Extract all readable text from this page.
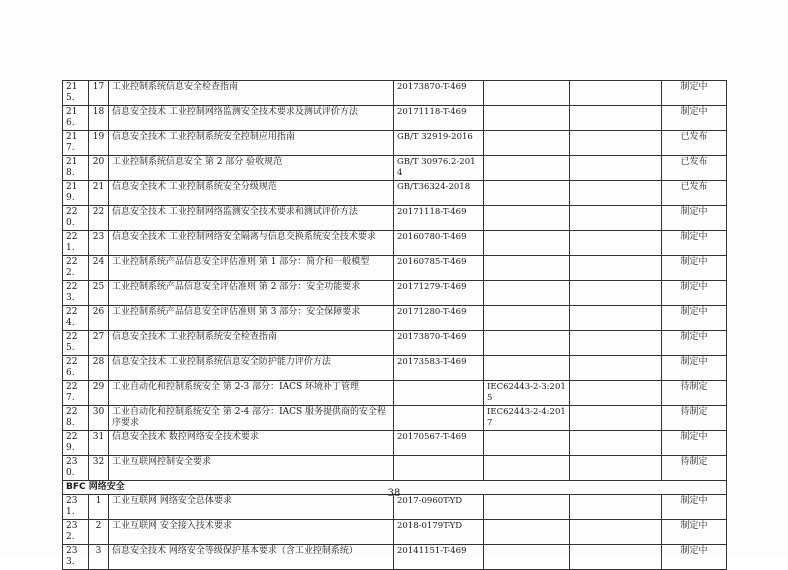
215.	17	工业控制系统信息安全检查指南	20173870-T-469			制定中
216.	18	信息安全技术 工业控制网络监测安全技术要求及测试评价方法	20171118-T-469			制定中
217.	19	信息安全技术 工业控制系统安全控制应用指南	GB/T 32919-2016			已发布
218.	20	工业控制系统信息安全 第 2 部分 验收规范	GB/T 30976.2-2014			已发布
219.	21	信息安全技术 工业控制系统安全分级规范	GB/T36324-2018			已发布
220.	22	信息安全技术 工业控制网络监测安全技术要求和测试评价方法	20171118-T-469			制定中
221.	23	信息安全技术 工业控制网络安全隔离与信息交换系统安全技术要求	20160780-T-469			制定中
222.	24	工业控制系统产品信息安全评估准则 第 1 部分：简介和一般模型	20160785-T-469			制定中
223.	25	工业控制系统产品信息安全评估准则 第 2 部分：安全功能要求	20171279-T-469			制定中
224.	26	工业控制系统产品信息安全评估准则 第 3 部分：安全保障要求	20171280-T-469			制定中
225.	27	信息安全技术 工业控制系统安全检查指南	20173870-T-469			制定中
226.	28	信息安全技术 工业控制系统信息安全防护能力评价方法	20173583-T-469			制定中
227.	29	工业自动化和控制系统安全 第 2-3 部分：IACS 环境补丁管理		IEC62443-2-3:2015		待制定
228.	30	工业自动化和控制系统安全 第 2-4 部分：IACS 服务提供商的安全程序要求		IEC62443-2-4:2017		待制定
229.	31	信息安全技术 数控网络安全技术要求	20170567-T-469			制定中
230.	32	工业互联网控制安全要求				待制定
BFC 网络安全						
231.	1	工业互联网 网络安全总体要求	2017-0960T-YD			制定中
232.	2	工业互联网 安全接入技术要求	2018-0179T-YD			制定中
233.	3	信息安全技术 网络安全等级保护基本要求（含工业控制系统）	20141151-T-469			制定中
38
